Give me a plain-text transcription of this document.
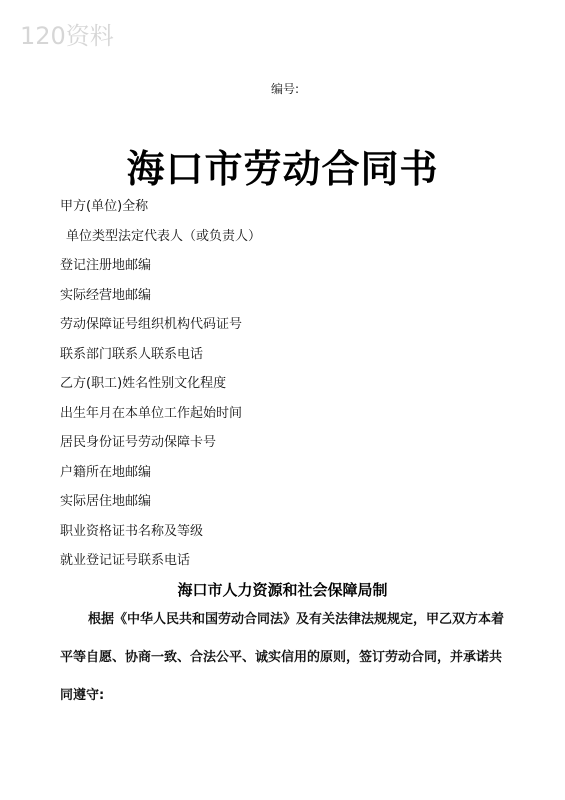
120资料
编号:
海口市劳动合同书
甲方(单位)全称
单位类型法定代表人（或负责人）
登记注册地邮编
实际经营地邮编
劳动保障证号组织机构代码证号
联系部门联系人联系电话
乙方(职工)姓名性别文化程度
出生年月在本单位工作起始时间
居民身份证号劳动保障卡号
户籍所在地邮编
实际居住地邮编
职业资格证书名称及等级
就业登记证号联系电话
海口市人力资源和社会保障局制
根据《中华人民共和国劳动合同法》及有关法律法规规定，甲乙双方本着
平等自愿、协商一致、合法公平、诚实信用的原则，签订劳动合同，并承诺共
同遵守:
